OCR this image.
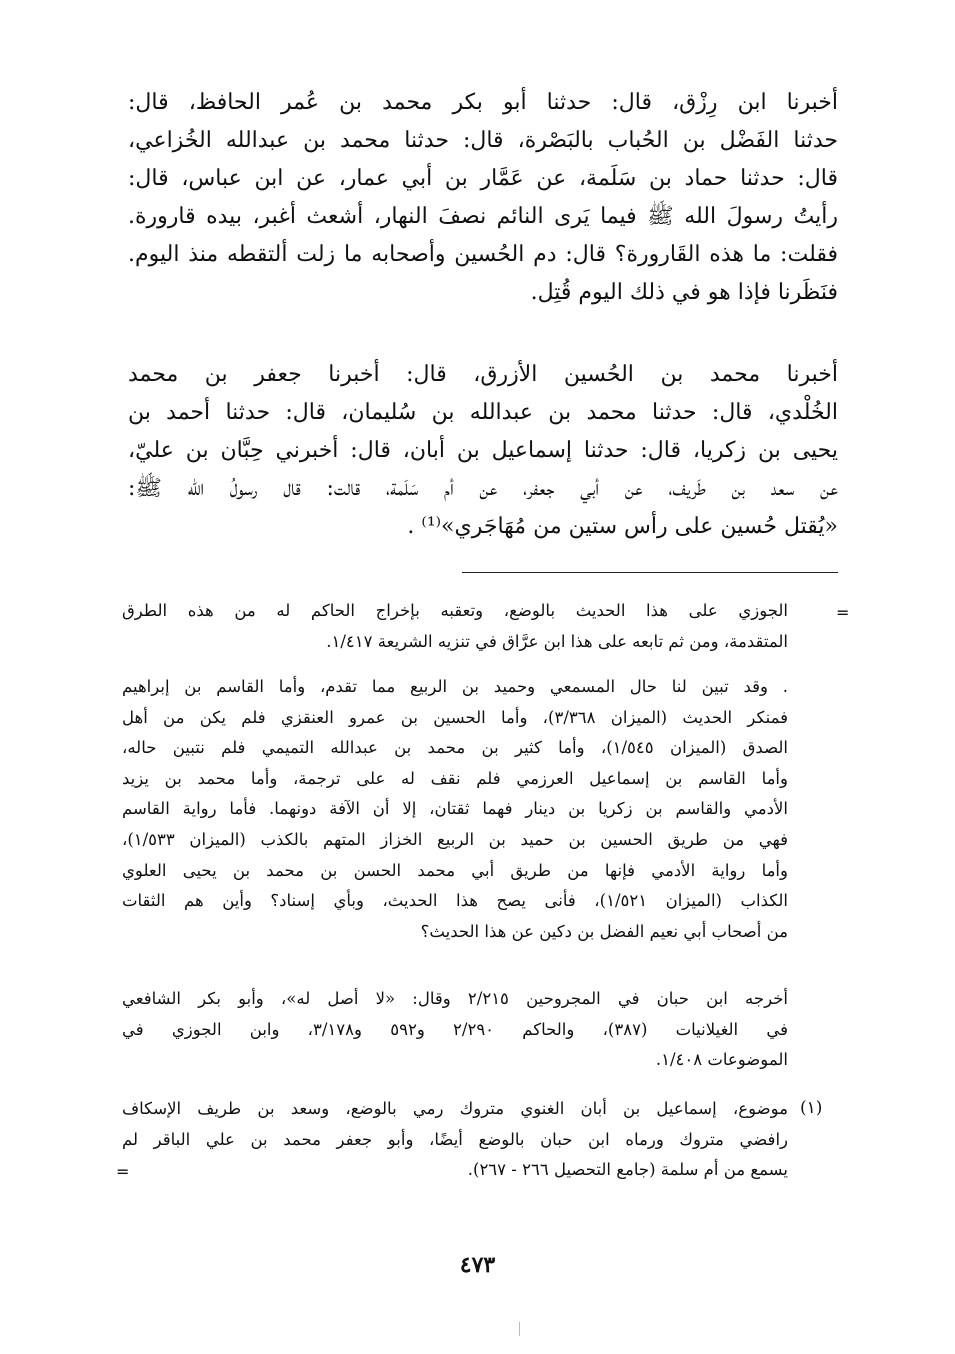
أخبرنا ابن رِزْق، قال: حدثنا أبو بكر محمد بن عُمر الحافظ، قال:
حدثنا الفَضْل بن الحُباب بالبَصْرة، قال: حدثنا محمد بن عبدالله الخُزاعي،
قال: حدثنا حماد بن سَلَمة، عن عَمَّار بن أبي عمار، عن ابن عباس، قال:
رأيتُ رسولَ الله ﷺ فيما يَرى النائم نصفَ النهار، أشعث أغبر، بيده قارورة.
فقلت: ما هذه القَارورة؟ قال: دم الحُسين وأصحابه ما زلت ألتقطه منذ اليوم.
فنَظَرنا فإذا هو في ذلك اليوم قُتِل.
أخبرنا محمد بن الحُسين الأزرق، قال: أخبرنا جعفر بن محمد
الخُلْدي، قال: حدثنا محمد بن عبدالله بن سُليمان، قال: حدثنا أحمد بن
يحيى بن زكريا، قال: حدثنا إسماعيل بن أبان، قال: أخبرني حِبَّان بن عليّ،
عن سعد بن طَريف، عن أبي جعفر، عن أم سَلَمة، قالت: قال رسولُ الله ﷺ:
«يُقتل حُسين على رأس ستين من مُهَاجَري»⁽¹⁾ .
=
الجوزي على هذا الحديث بالوضع، وتعقبه بإخراج الحاكم له من هذه الطرق
المتقدمة، ومن ثم تابعه على هذا ابن عرَّاق في تنزيه الشريعة ١/٤١٧.
. وقد تبين لنا حال المسمعي وحميد بن الربيع مما تقدم، وأما القاسم بن إبراهيم
فمنكر الحديث (الميزان ٣/٣٦٨)، وأما الحسين بن عمرو العنقزي فلم يكن من أهل
الصدق (الميزان ١/٥٤٥)، وأما كثير بن محمد بن عبدالله التميمي فلم نتبين حاله،
وأما القاسم بن إسماعيل العرزمي فلم نقف له على ترجمة، وأما محمد بن يزيد
الأدمي والقاسم بن زكريا بن دينار فهما ثقتان، إلا أن الآفة دونهما. فأما رواية القاسم
فهي من طريق الحسين بن حميد بن الربيع الخزاز المتهم بالكذب (الميزان ١/٥٣٣)،
وأما رواية الأدمي فإنها من طريق أبي محمد الحسن بن محمد بن يحيى العلوي
الكذاب (الميزان ١/٥٢١)، فأنى يصح هذا الحديث، وبأي إسناد؟ وأين هم الثقات
من أصحاب أبي نعيم الفضل بن دكين عن هذا الحديث؟
أخرجه ابن حبان في المجروحين ٢/٢١٥ وقال: «لا أصل له»، وأبو بكر الشافعي
في الغيلانيات (٣٨٧)، والحاكم ٢/٢٩٠ و٥٩٢ و٣/١٧٨، وابن الجوزي في
الموضوعات ١/٤٠٨.
(١)
موضوع، إسماعيل بن أبان الغنوي متروك رمي بالوضع، وسعد بن طريف الإسكاف
رافضي متروك ورماه ابن حبان بالوضع أيضًا، وأبو جعفر محمد بن علي الباقر لم
يسمع من أم سلمة (جامع التحصيل ٢٦٦ - ٢٦٧).
=
٤٧٣
